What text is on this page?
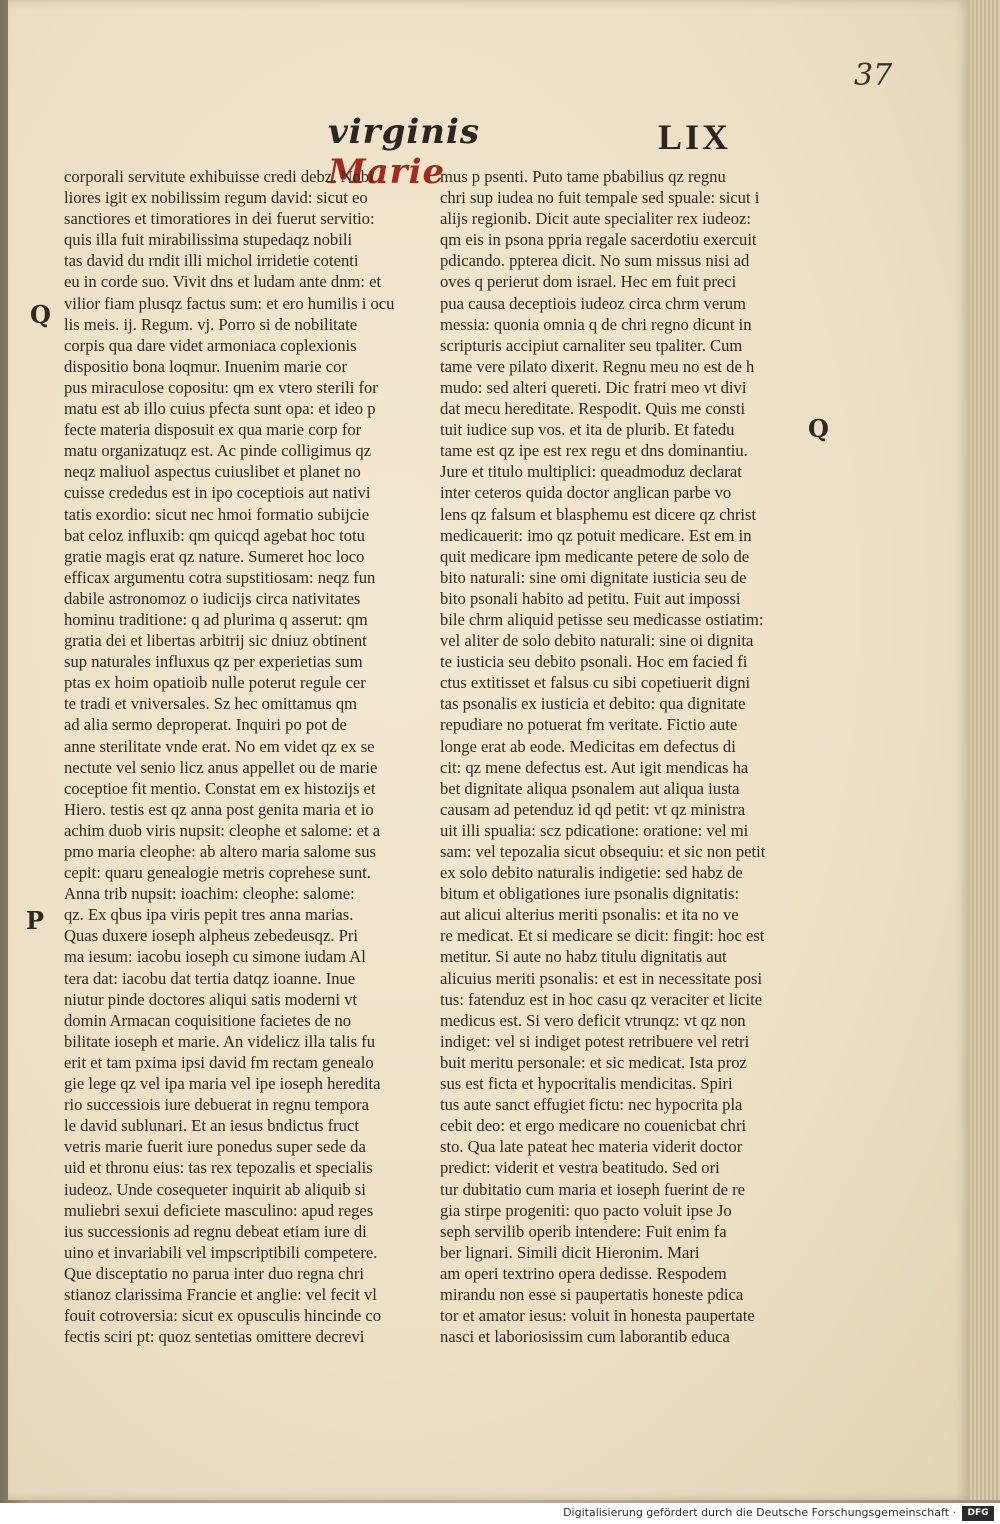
37
virginis Marie
LIX
Q
Q
P
corporali servitute exhibuisse credi debz. Nobi
liores igit ex nobilissim regum david: sicut eo
sanctiores et timoratiores in dei fuerut servitio:
quis illa fuit mirabilissima stupedaqz nobili
tas david du rndit illi michol irridetie cotenti
eu in corde suo. Vivit dns et ludam ante dnm: et
vilior fiam plusqz factus sum: et ero humilis i ocu
lis meis. ij. Regum. vj. Porro si de nobilitate
corpis qua dare videt armoniaca coplexionis
dispositio bona loqmur. Inuenim marie cor
pus miraculose copositu: qm ex vtero sterili for
matu est ab illo cuius pfecta sunt opa: et ideo p
fecte materia disposuit ex qua marie corp for
matu organizatuqz est. Ac pinde colligimus qz
neqz maliuol aspectus cuiuslibet et planet no
cuisse crededus est in ipo coceptiois aut nativi
tatis exordio: sicut nec hmoi formatio subijcie
bat celoz influxib: qm quicqd agebat hoc totu
gratie magis erat qz nature. Sumeret hoc loco
efficax argumentu cotra supstitiosam: neqz fun
dabile astronomoz o iudicijs circa nativitates
hominu traditione: q ad plurima q asserut: qm
gratia dei et libertas arbitrij sic dniuz obtinent
sup naturales influxus qz per experietias sum
ptas ex hoim opatioib nulle poterut regule cer
te tradi et vniversales. Sz hec omittamus qm
ad alia sermo deproperat. Inquiri po pot de
anne sterilitate vnde erat. No em videt qz ex se
nectute vel senio licz anus appellet ou de marie
coceptioe fit mentio. Constat em ex histozijs et
Hiero. testis est qz anna post genita maria et io
achim duob viris nupsit: cleophe et salome: et a
pmo maria cleophe: ab altero maria salome sus
cepit: quaru genealogie metris coprehese sunt.
Anna trib nupsit: ioachim: cleophe: salome:
qz. Ex qbus ipa viris pepit tres anna marias.
Quas duxere ioseph alpheus zebedeusqz. Pri
ma iesum: iacobu ioseph cu simone iudam Al
tera dat: iacobu dat tertia datqz ioanne. Inue
niutur pinde doctores aliqui satis moderni vt
domin Armacan coquisitione facietes de no
bilitate ioseph et marie. An videlicz illa talis fu
erit et tam pxima ipsi david fm rectam genealo
gie lege qz vel ipa maria vel ipe ioseph heredita
rio successiois iure debuerat in regnu tempora
le david sublunari. Et an iesus bndictus fruct
vetris marie fuerit iure ponedus super sede da
uid et thronu eius: tas rex tepozalis et specialis
iudeoz. Unde cosequeter inquirit ab aliquib si
muliebri sexui deficiete masculino: apud reges
ius successionis ad regnu debeat etiam iure di
uino et invariabili vel impscriptibili competere.
Que disceptatio no parua inter duo regna chri
stianoz clarissima Francie et anglie: vel fecit vl
fouit cotroversia: sicut ex opusculis hincinde co
fectis sciri pt: quoz sentetias omittere decrevi
mus p psenti. Puto tame pbabilius qz regnu
chri sup iudea no fuit tempale sed spuale: sicut i
alijs regionib. Dicit aute specialiter rex iudeoz:
qm eis in psona ppria regale sacerdotiu exercuit
pdicando. ppterea dicit. No sum missus nisi ad
oves q perierut dom israel. Hec em fuit preci
pua causa deceptiois iudeoz circa chrm verum
messia: quonia omnia q de chri regno dicunt in
scripturis accipiut carnaliter seu tpaliter. Cum
tame vere pilato dixerit. Regnu meu no est de h
mudo: sed alteri quereti. Dic fratri meo vt divi
dat mecu hereditate. Respodit. Quis me consti
tuit iudice sup vos. et ita de plurib. Et fatedu
tame est qz ipe est rex regu et dns dominantiu.
Jure et titulo multiplici: queadmoduz declarat
inter ceteros quida doctor anglican parbe vo
lens qz falsum et blasphemu est dicere qz christ
medicauerit: imo qz potuit medicare. Est em in
quit medicare ipm medicante petere de solo de
bito naturali: sine omi dignitate iusticia seu de
bito psonali habito ad petitu. Fuit aut impossi
bile chrm aliquid petisse seu medicasse ostiatim:
vel aliter de solo debito naturali: sine oi dignita
te iusticia seu debito psonali. Hoc em facied fi
ctus extitisset et falsus cu sibi copetiuerit digni
tas psonalis ex iusticia et debito: qua dignitate
repudiare no potuerat fm veritate. Fictio aute
longe erat ab eode. Medicitas em defectus di
cit: qz mene defectus est. Aut igit mendicas ha
bet dignitate aliqua psonalem aut aliqua iusta
causam ad petenduz id qd petit: vt qz ministra
uit illi spualia: scz pdicatione: oratione: vel mi
sam: vel tepozalia sicut obsequiu: et sic non petit
ex solo debito naturalis indigetie: sed habz de
bitum et obligationes iure psonalis dignitatis:
aut alicui alterius meriti psonalis: et ita no ve
re medicat. Et si medicare se dicit: fingit: hoc est
metitur. Si aute no habz titulu dignitatis aut
alicuius meriti psonalis: et est in necessitate posi
tus: fatenduz est in hoc casu qz veraciter et licite
medicus est. Si vero deficit vtrunqz: vt qz non
indiget: vel si indiget potest retribuere vel retri
buit meritu personale: et sic medicat. Ista proz
sus est ficta et hypocritalis mendicitas. Spiri
tus aute sanct effugiet fictu: nec hypocrita pla
cebit deo: et ergo medicare no couenicbat chri
sto. Qua late pateat hec materia viderit doctor
predict: viderit et vestra beatitudo. Sed ori
tur dubitatio cum maria et ioseph fuerint de re
gia stirpe progeniti: quo pacto voluit ipse Jo
seph servilib operib intendere: Fuit enim fa
ber lignari. Simili dicit Hieronim. Mari
am operi textrino opera dedisse. Respodem
mirandu non esse si paupertatis honeste pdica
tor et amator iesus: voluit in honesta paupertate
nasci et laboriosissim cum laborantib educa
Digitalisierung gefördert durch die Deutsche Forschungsgemeinschaft ·	DFG
